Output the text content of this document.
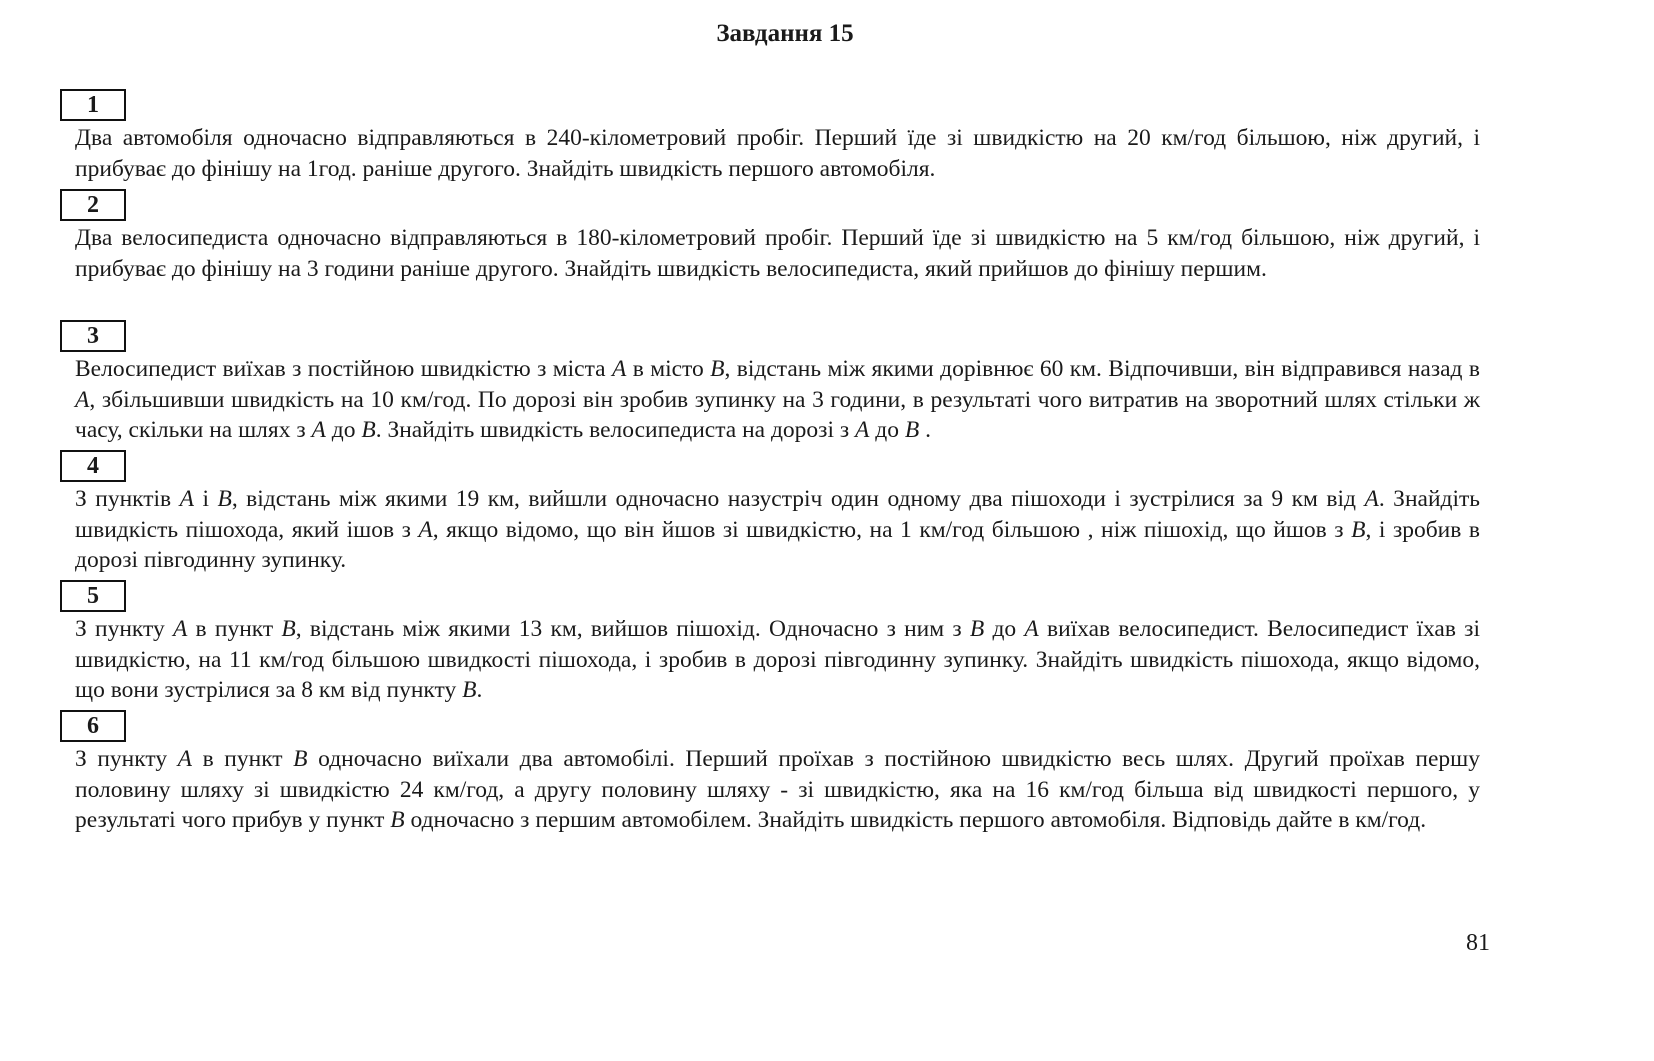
Завдання 15
1
Два автомобіля одночасно відправляються в 240-кілометровий пробіг. Перший їде зі швидкістю на 20 км/год більшою, ніж другий, і прибуває до фінішу на 1год. раніше другого. Знайдіть швидкість першого автомобіля.
2
Два велосипедиста одночасно відправляються в 180-кілометровий пробіг. Перший їде зі швидкістю на 5 км/год більшою, ніж другий, і прибуває до фінішу на 3 години раніше другого. Знайдіть швидкість велосипедиста, який прийшов до фінішу першим.
3
Велосипедист виїхав з постійною швидкістю з міста A в місто B, відстань між якими дорівнює 60 км. Відпочивши, він відправився назад в A, збільшивши швидкість на 10 км/год. По дорозі він зробив зупинку на 3 години, в результаті чого витратив на зворотний шлях стільки ж часу, скільки на шлях з A до B. Знайдіть швидкість велосипедиста на дорозі з A до B .
4
З пунктів A і B, відстань між якими 19 км, вийшли одночасно назустріч один одному два пішоходи і зустрілися за 9 км від A. Знайдіть швидкість пішохода, який ішов з A, якщо відомо, що він йшов зі швидкістю, на 1 км/год більшою , ніж пішохід, що йшов з B, і зробив в дорозі півгодинну зупинку.
5
З пункту A в пункт B, відстань між якими 13 км, вийшов пішохід. Одночасно з ним з B до A виїхав велосипедист. Велосипедист їхав зі швидкістю, на 11 км/год більшою швидкості пішохода, і зробив в дорозі півгодинну зупинку. Знайдіть швидкість пішохода, якщо відомо, що вони зустрілися за 8 км від пункту B.
6
З пункту A в пункт B одночасно виїхали два автомобілі. Перший проїхав з постійною швидкістю весь шлях. Другий проїхав першу половину шляху зі швидкістю 24 км/год, а другу половину шляху - зі швидкістю, яка на 16 км/год більша від швидкості першого, у результаті чого прибув у пункт B одночасно з першим автомобілем. Знайдіть швидкість першого автомобіля. Відповідь дайте в км/год.
81
